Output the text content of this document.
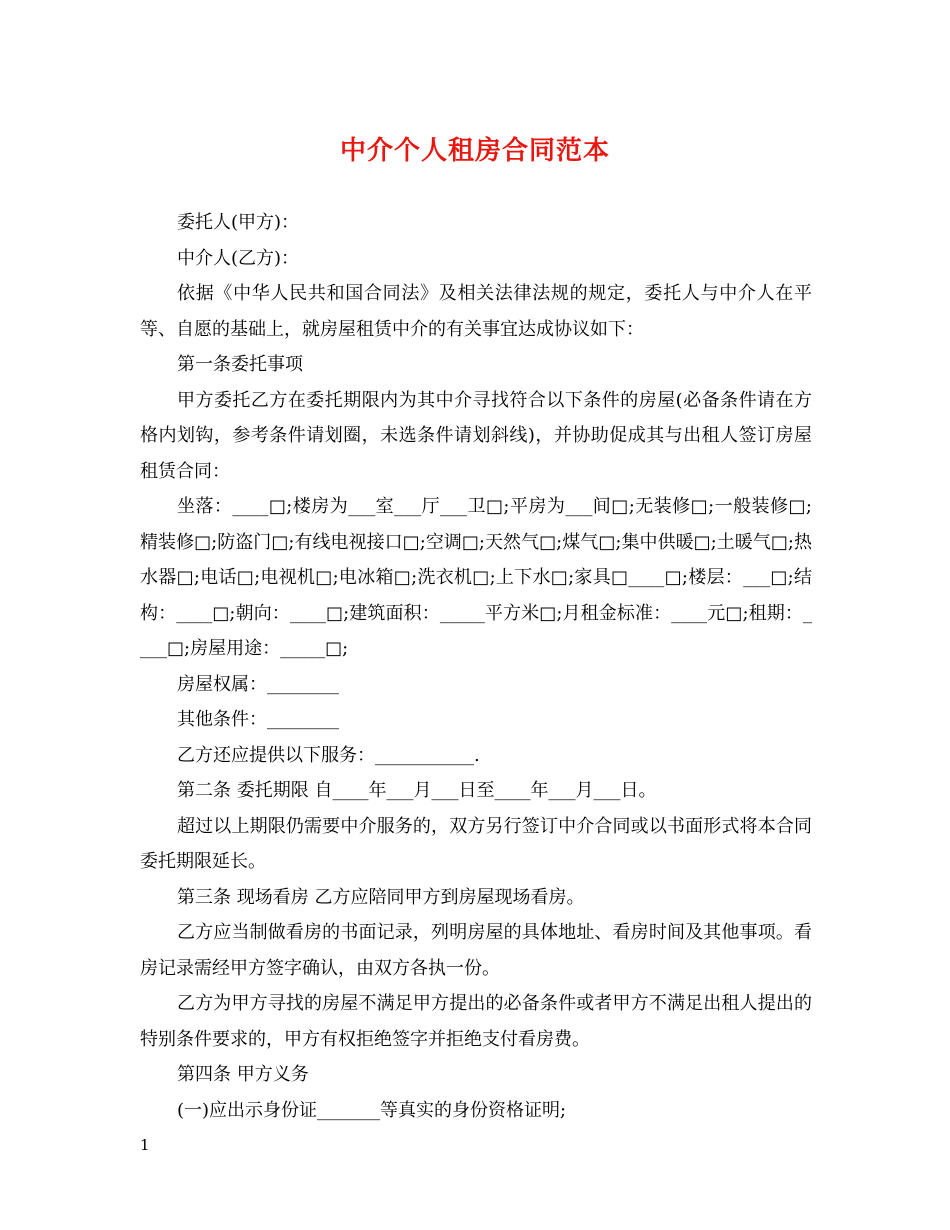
中介个人租房合同范本

委托人(甲方)：

中介人(乙方)：

依据《中华人民共和国合同法》及相关法律法规的规定，委托人与中介人在平等、自愿的基础上，就房屋租赁中介的有关事宜达成协议如下：

第一条委托事项

甲方委托乙方在委托期限内为其中介寻找符合以下条件的房屋(必备条件请在方格内划钩，参考条件请划圈，未选条件请划斜线)，并协助促成其与出租人签订房屋租赁合同：

坐落：____□;楼房为___室___厅___卫□;平房为___间□;无装修□;一般装修□;精装修□;防盗门□;有线电视接口□;空调□;天然气□;煤气□;集中供暖□;土暖气□;热水器□;电话□;电视机□;电冰箱□;洗衣机□;上下水□;家具□____□;楼层：___□;结构：____□;朝向：____□;建筑面积：_____平方米□;月租金标准：____元□;租期：____□;房屋用途：_____□;

房屋权属：________

其他条件：________

乙方还应提供以下服务：___________.

第二条 委托期限 自____年___月___日至____年___月___日。

超过以上期限仍需要中介服务的，双方另行签订中介合同或以书面形式将本合同委托期限延长。

第三条 现场看房 乙方应陪同甲方到房屋现场看房。

乙方应当制做看房的书面记录，列明房屋的具体地址、看房时间及其他事项。看房记录需经甲方签字确认，由双方各执一份。

乙方为甲方寻找的房屋不满足甲方提出的必备条件或者甲方不满足出租人提出的特别条件要求的，甲方有权拒绝签字并拒绝支付看房费。

第四条 甲方义务

(一)应出示身份证_______等真实的身份资格证明;

1
